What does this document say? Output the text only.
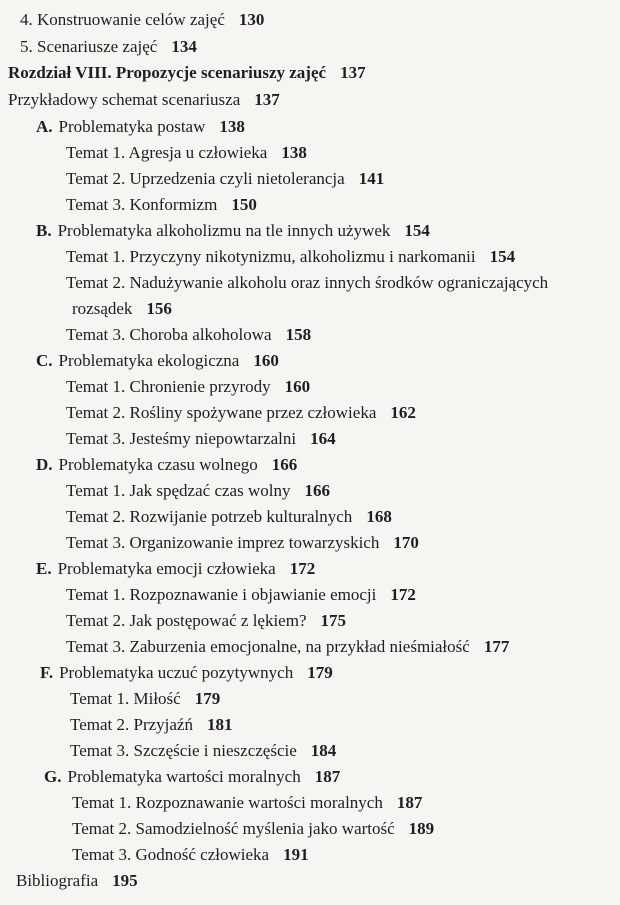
4. Konstruowanie celów zajęć 130
5. Scenariusze zajęć 134
Rozdział VIII. Propozycje scenariuszy zajęć 137
Przykładowy schemat scenariusza 137
A. Problematyka postaw 138
Temat 1. Agresja u człowieka 138
Temat 2. Uprzedzenia czyli nietolerancja 141
Temat 3. Konformizm 150
B. Problematyka alkoholizmu na tle innych używek 154
Temat 1. Przyczyny nikotynizmu, alkoholizmu i narkomanii 154
Temat 2. Nadużywanie alkoholu oraz innych środków ograniczających
rozsądek 156
Temat 3. Choroba alkoholowa 158
C. Problematyka ekologiczna 160
Temat 1. Chronienie przyrody 160
Temat 2. Rośliny spożywane przez człowieka 162
Temat 3. Jesteśmy niepowtarzalni 164
D. Problematyka czasu wolnego 166
Temat 1. Jak spędzać czas wolny 166
Temat 2. Rozwijanie potrzeb kulturalnych 168
Temat 3. Organizowanie imprez towarzyskich 170
E. Problematyka emocji człowieka 172
Temat 1. Rozpoznawanie i objawianie emocji 172
Temat 2. Jak postępować z lękiem? 175
Temat 3. Zaburzenia emocjonalne, na przykład nieśmiałość 177
F. Problematyka uczuć pozytywnych 179
Temat 1. Miłość 179
Temat 2. Przyjaźń 181
Temat 3. Szczęście i nieszczęście 184
G. Problematyka wartości moralnych 187
Temat 1. Rozpoznawanie wartości moralnych 187
Temat 2. Samodzielność myślenia jako wartość 189
Temat 3. Godność człowieka 191
Bibliografia 195
